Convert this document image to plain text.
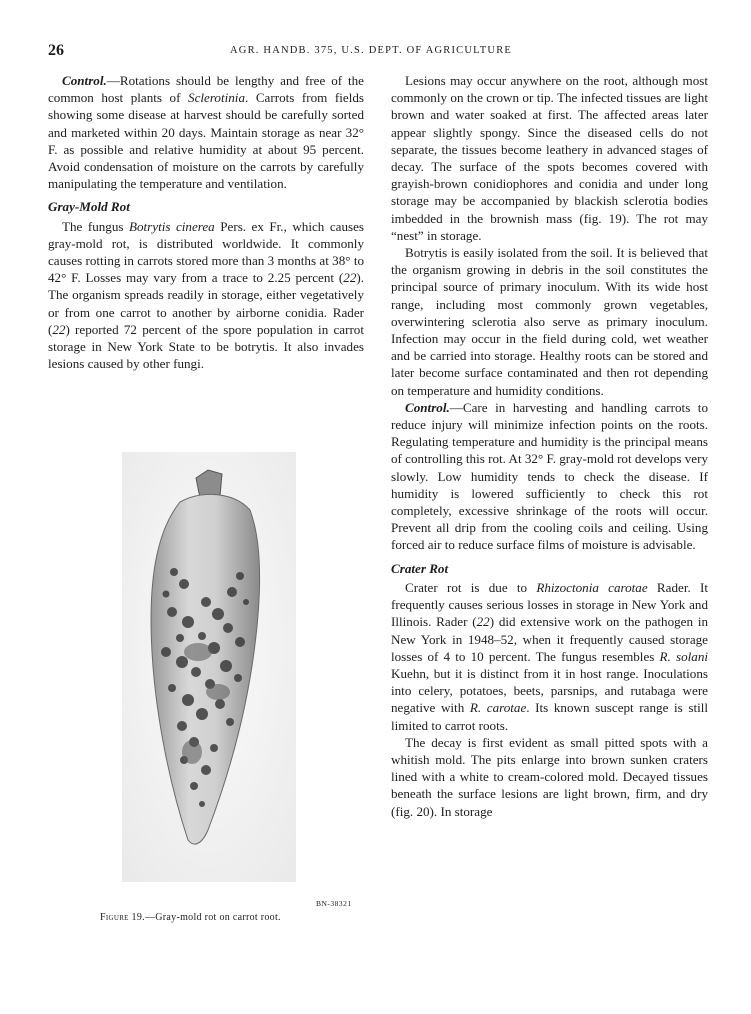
26	AGR. HANDB. 375, U.S. DEPT. OF AGRICULTURE

Control.—Rotations should be lengthy and free of the common host plants of Sclerotinia. Carrots from fields showing some disease at harvest should be carefully sorted and marketed within 20 days. Maintain storage as near 32° F. as possible and relative humidity at about 95 percent. Avoid condensation of moisture on the carrots by carefully manipulating the temperature and ventilation.

Gray-Mold Rot

The fungus Botrytis cinerea Pers. ex Fr., which causes gray-mold rot, is distributed worldwide. It commonly causes rotting in carrots stored more than 3 months at 38° to 42° F. Losses may vary from a trace to 2.25 percent (22). The organism spreads readily in storage, either vegetatively or from one carrot to another by airborne conidia. Rader (22) reported 72 percent of the spore population in carrot storage in New York State to be botrytis. It also invades lesions caused by other fungi.

BN-38321
Figure 19.—Gray-mold rot on carrot root.

Lesions may occur anywhere on the root, although most commonly on the crown or tip. The infected tissues are light brown and water soaked at first. The affected areas later appear slightly spongy. Since the diseased cells do not separate, the tissues become leathery in advanced stages of decay. The surface of the spots becomes covered with grayish-brown conidiophores and conidia and under long storage may be accompanied by blackish sclerotia bodies imbedded in the brownish mass (fig. 19). The rot may “nest” in storage.

Botrytis is easily isolated from the soil. It is believed that the organism growing in debris in the soil constitutes the principal source of primary inoculum. With its wide host range, including most commonly grown vegetables, overwintering sclerotia also serve as primary inoculum. Infection may occur in the field during cold, wet weather and be carried into storage. Healthy roots can be stored and later become surface contaminated and then rot depending on temperature and humidity conditions.

Control.—Care in harvesting and handling carrots to reduce injury will minimize infection points on the roots. Regulating temperature and humidity is the principal means of controlling this rot. At 32° F. gray-mold rot develops very slowly. Low humidity tends to check the disease. If humidity is lowered sufficiently to check this rot completely, excessive shrinkage of the roots will occur. Prevent all drip from the cooling coils and ceiling. Using forced air to reduce surface films of moisture is advisable.

Crater Rot

Crater rot is due to Rhizoctonia carotae Rader. It frequently causes serious losses in storage in New York and Illinois. Rader (22) did extensive work on the pathogen in New York in 1948–52, when it frequently caused storage losses of 4 to 10 percent. The fungus resembles R. solani Kuehn, but it is distinct from it in host range. Inoculations into celery, potatoes, beets, parsnips, and rutabaga were negative with R. carotae. Its known suscept range is still limited to carrot roots.

The decay is first evident as small pitted spots with a whitish mold. The pits enlarge into brown sunken craters lined with a white to cream-colored mold. Decayed tissues beneath the surface lesions are light brown, firm, and dry (fig. 20). In storage
